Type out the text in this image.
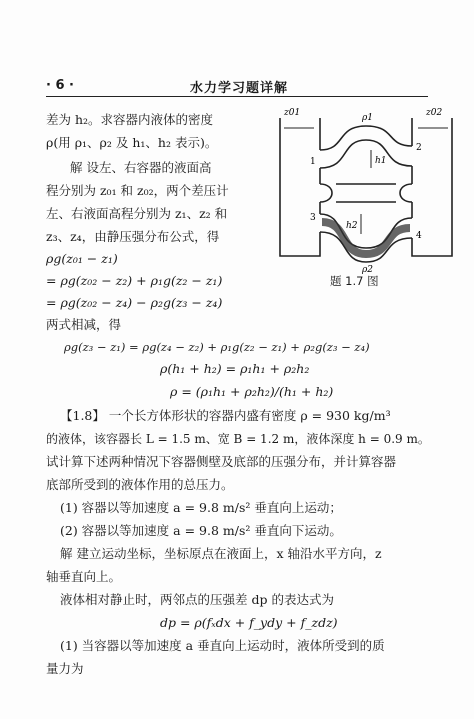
· 6 ·	水力学习题详解
差为 h₂。求容器内液体的密度
ρ(用 ρ₁、ρ₂ 及 h₁、h₂ 表示)。
解 设左、右容器的液面高
程分别为 z₀₁ 和 z₀₂，两个差压计
左、右液面高程分别为 z₁、z₂ 和
z₃、z₄，由静压强分布公式，得
ρg(z₀₁ − z₁)
= ρg(z₀₂ − z₂) + ρ₁g(z₂ − z₁)
= ρg(z₀₂ − z₄) − ρ₂g(z₃ − z₄)
两式相减，得
ρg(z₃ − z₁) = ρg(z₄ − z₂) + ρ₁g(z₂ − z₁) + ρ₂g(z₃ − z₄)
ρ(h₁ + h₂) = ρ₁h₁ + ρ₂h₂
ρ = (ρ₁h₁ + ρ₂h₂)/(h₁ + h₂)
【1.8】 一个长方体形状的容器内盛有密度 ρ = 930 kg/m³
的液体，该容器长 L = 1.5 m、宽 B = 1.2 m，液体深度 h = 0.9 m。
试计算下述两种情况下容器侧壁及底部的压强分布，并计算容器
底部所受到的液体作用的总压力。
(1) 容器以等加速度 a = 9.8 m/s² 垂直向上运动；
(2) 容器以等加速度 a = 9.8 m/s² 垂直向下运动。
解 建立运动坐标，坐标原点在液面上，x 轴沿水平方向，z
轴垂直向上。
液体相对静止时，两邻点的压强差 dp 的表达式为
dp = ρ(fₓdx + f_ydy + f_zdz)
(1) 当容器以等加速度 a 垂直向上运动时，液体所受到的质
量力为
z01	z02
ρ1
ρ2
h1
h2
1
2
3
4
题 1.7 图
